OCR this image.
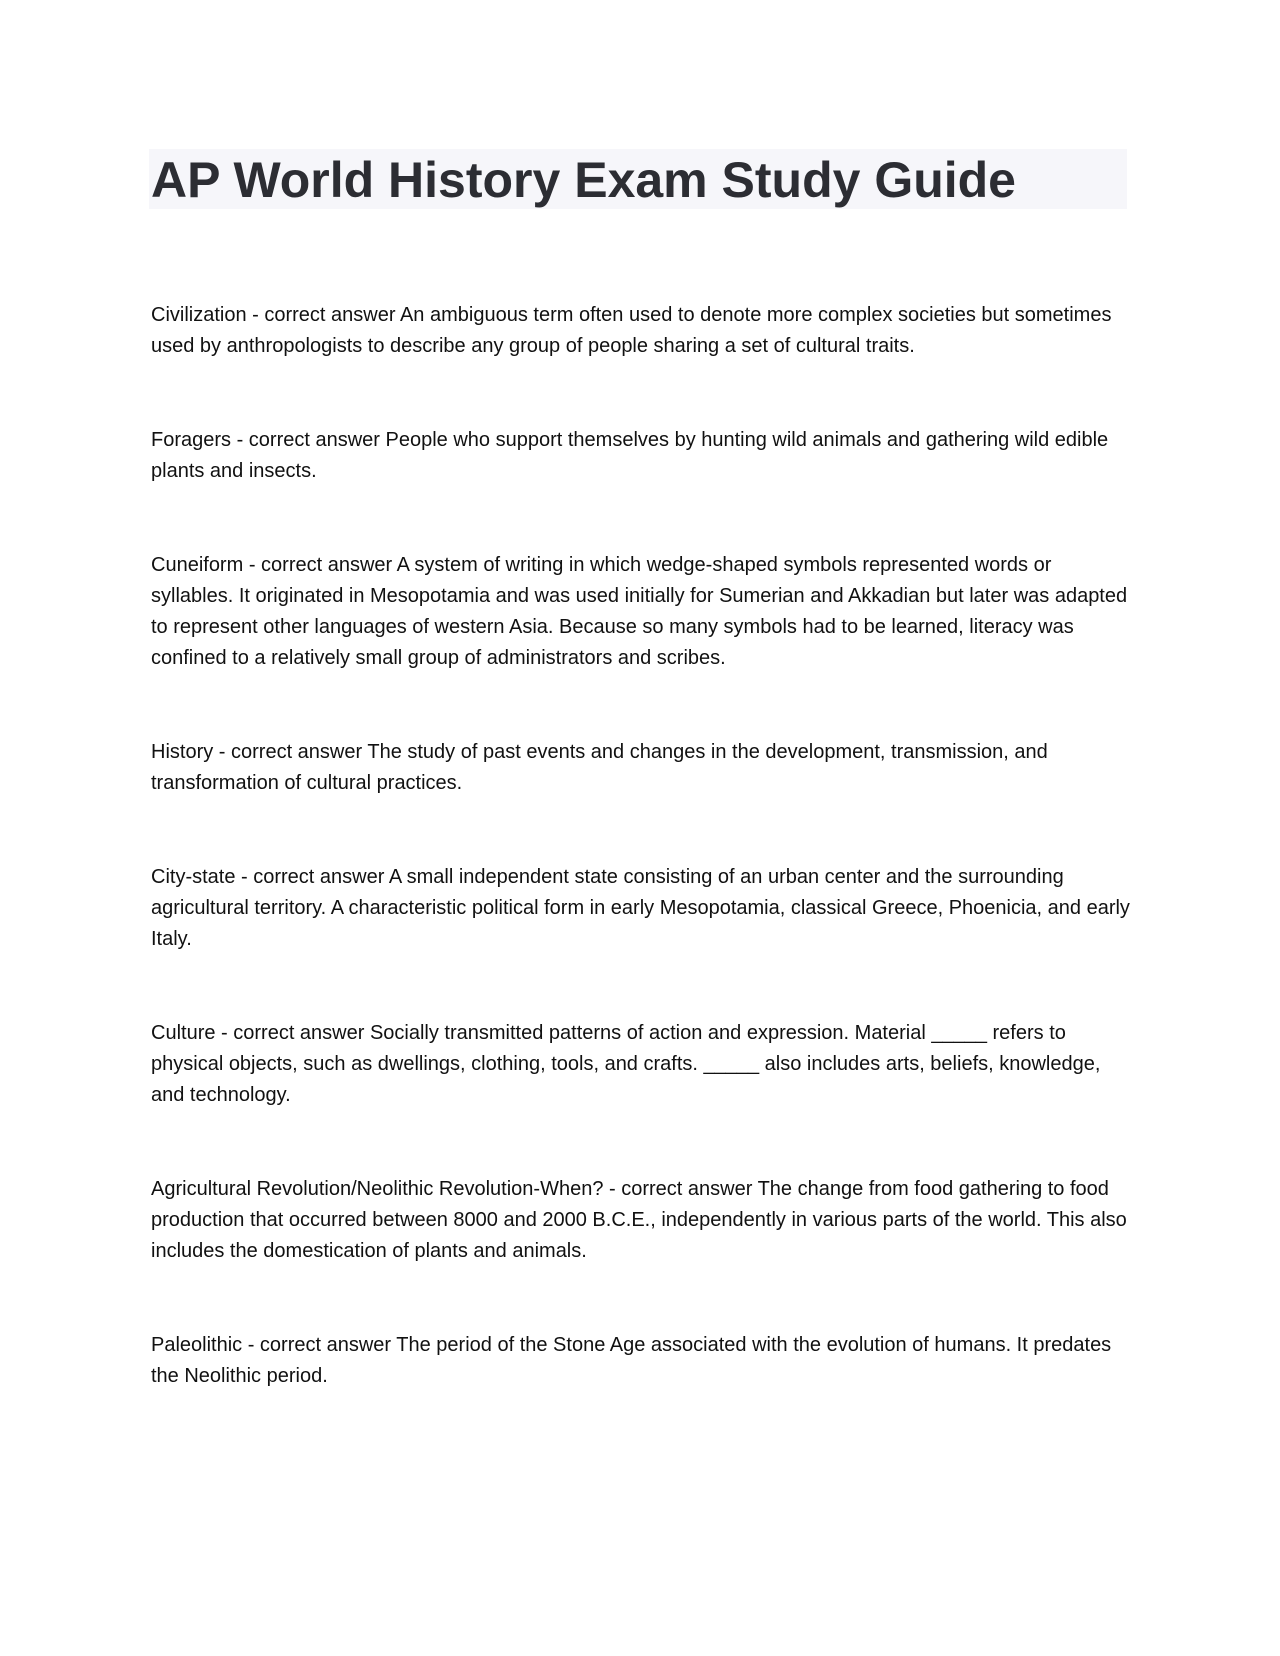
AP World History Exam Study Guide

Civilization - correct answer An ambiguous term often used to denote more complex societies but sometimes used by anthropologists to describe any group of people sharing a set of cultural traits.

Foragers - correct answer People who support themselves by hunting wild animals and gathering wild edible plants and insects.

Cuneiform - correct answer A system of writing in which wedge-shaped symbols represented words or syllables. It originated in Mesopotamia and was used initially for Sumerian and Akkadian but later was adapted to represent other languages of western Asia. Because so many symbols had to be learned, literacy was confined to a relatively small group of administrators and scribes.

History - correct answer The study of past events and changes in the development, transmission, and transformation of cultural practices.

City-state - correct answer A small independent state consisting of an urban center and the surrounding agricultural territory. A characteristic political form in early Mesopotamia, classical Greece, Phoenicia, and early Italy.

Culture - correct answer Socially transmitted patterns of action and expression. Material _____ refers to physical objects, such as dwellings, clothing, tools, and crafts. _____ also includes arts, beliefs, knowledge, and technology.

Agricultural Revolution/Neolithic Revolution-When? - correct answer The change from food gathering to food production that occurred between 8000 and 2000 B.C.E., independently in various parts of the world. This also includes the domestication of plants and animals.

Paleolithic - correct answer The period of the Stone Age associated with the evolution of humans. It predates the Neolithic period.
